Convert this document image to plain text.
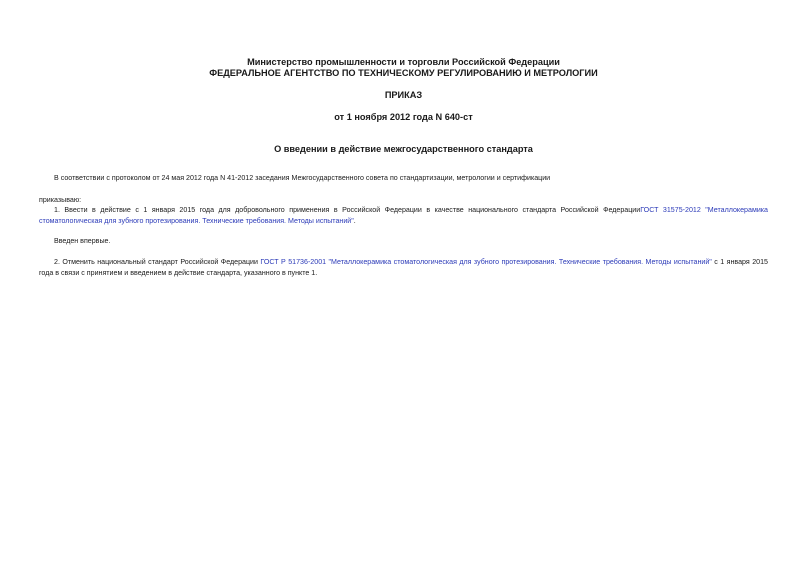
Министерство промышленности и торговли Российской Федерации
ФЕДЕРАЛЬНОЕ АГЕНТСТВО ПО ТЕХНИЧЕСКОМУ РЕГУЛИРОВАНИЮ И МЕТРОЛОГИИ
ПРИКАЗ
от 1 ноября 2012 года N 640-ст
О введении в действие межгосударственного стандарта
В соответствии с протоколом от 24 мая 2012 года N 41-2012 заседания Межгосударственного совета по стандартизации, метрологии и сертификации
приказываю:
1. Ввести в действие с 1 января 2015 года для добровольного применения в Российской Федерации в качестве национального стандарта Российской ФедерацииГОСТ 31575-2012 "Металлокерамика стоматологическая для зубного протезирования. Технические требования. Методы испытаний".
Введен впервые.
2. Отменить национальный стандарт Российской Федерации ГОСТ Р 51736-2001 "Металлокерамика стоматологическая для зубного протезирования. Технические требования. Методы испытаний" с 1 января 2015 года в связи с принятием и введением в действие стандарта, указанного в пункте 1.
